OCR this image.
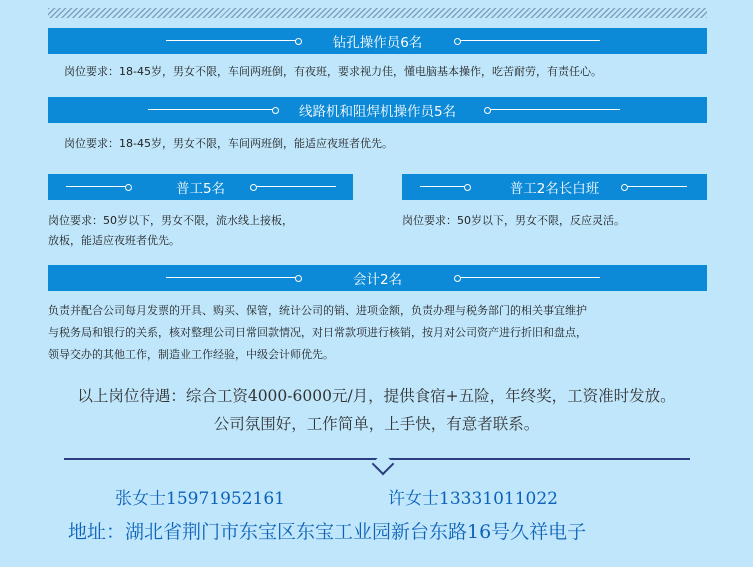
钻孔操作员6名
岗位要求：18-45岁，男女不限，车间两班倒，有夜班，要求视力佳，懂电脑基本操作，吃苦耐劳，有责任心。
线路机和阻焊机操作员5名
岗位要求：18-45岁，男女不限，车间两班倒，能适应夜班者优先。
普工5名
岗位要求：50岁以下，男女不限，流水线上接板，
放板，能适应夜班者优先。
普工2名长白班
岗位要求：50岁以下，男女不限，反应灵活。
会计2名
负责并配合公司每月发票的开具、购买、保管，统计公司的销、进项金额，负责办理与税务部门的相关事宜维护
与税务局和银行的关系，核对整理公司日常回款情况，对日常款项进行核销，按月对公司资产进行折旧和盘点，
领导交办的其他工作，制造业工作经验，中级会计师优先。
以上岗位待遇：综合工资4000-6000元/月，提供食宿+五险，年终奖，工资准时发放。
公司氛围好，工作简单，上手快，有意者联系。
张女士15971952161	许女士13331011022
地址：湖北省荆门市东宝区东宝工业园新台东路16号久祥电子
